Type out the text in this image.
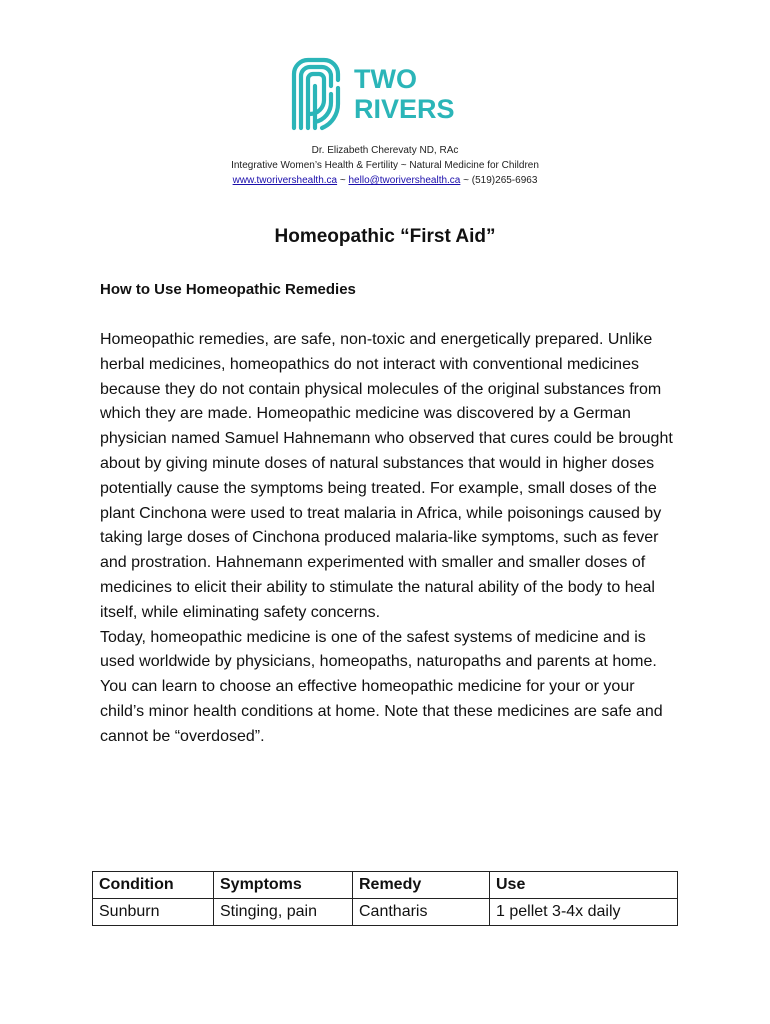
TWO
RIVERS
Dr. Elizabeth Cherevaty ND, RAc
Integrative Women’s Health & Fertility ~ Natural Medicine for Children
www.tworivershealth.ca ~ hello@tworivershealth.ca ~ (519)265-6963
Homeopathic “First Aid”
How to Use Homeopathic Remedies

Homeopathic remedies, are safe, non-toxic and energetically prepared. Unlike herbal medicines, homeopathics do not interact with conventional medicines because they do not contain physical molecules of the original substances from which they are made. Homeopathic medicine was discovered by a German physician named Samuel Hahnemann who observed that cures could be brought about by giving minute doses of natural substances that would in higher doses potentially cause the symptoms being treated. For example, small doses of the plant Cinchona were used to treat malaria in Africa, while poisonings caused by taking large doses of Cinchona produced malaria-like symptoms, such as fever and prostration. Hahnemann experimented with smaller and smaller doses of medicines to elicit their ability to stimulate the natural ability of the body to heal itself, while eliminating safety concerns.

Today, homeopathic medicine is one of the safest systems of medicine and is used worldwide by physicians, homeopaths, naturopaths and parents at home.

You can learn to choose an effective homeopathic medicine for your or your child’s minor health conditions at home. Note that these medicines are safe and cannot be “overdosed”.

Condition	Symptoms	Remedy	Use
Sunburn	Stinging, pain	Cantharis	1 pellet 3-4x daily
